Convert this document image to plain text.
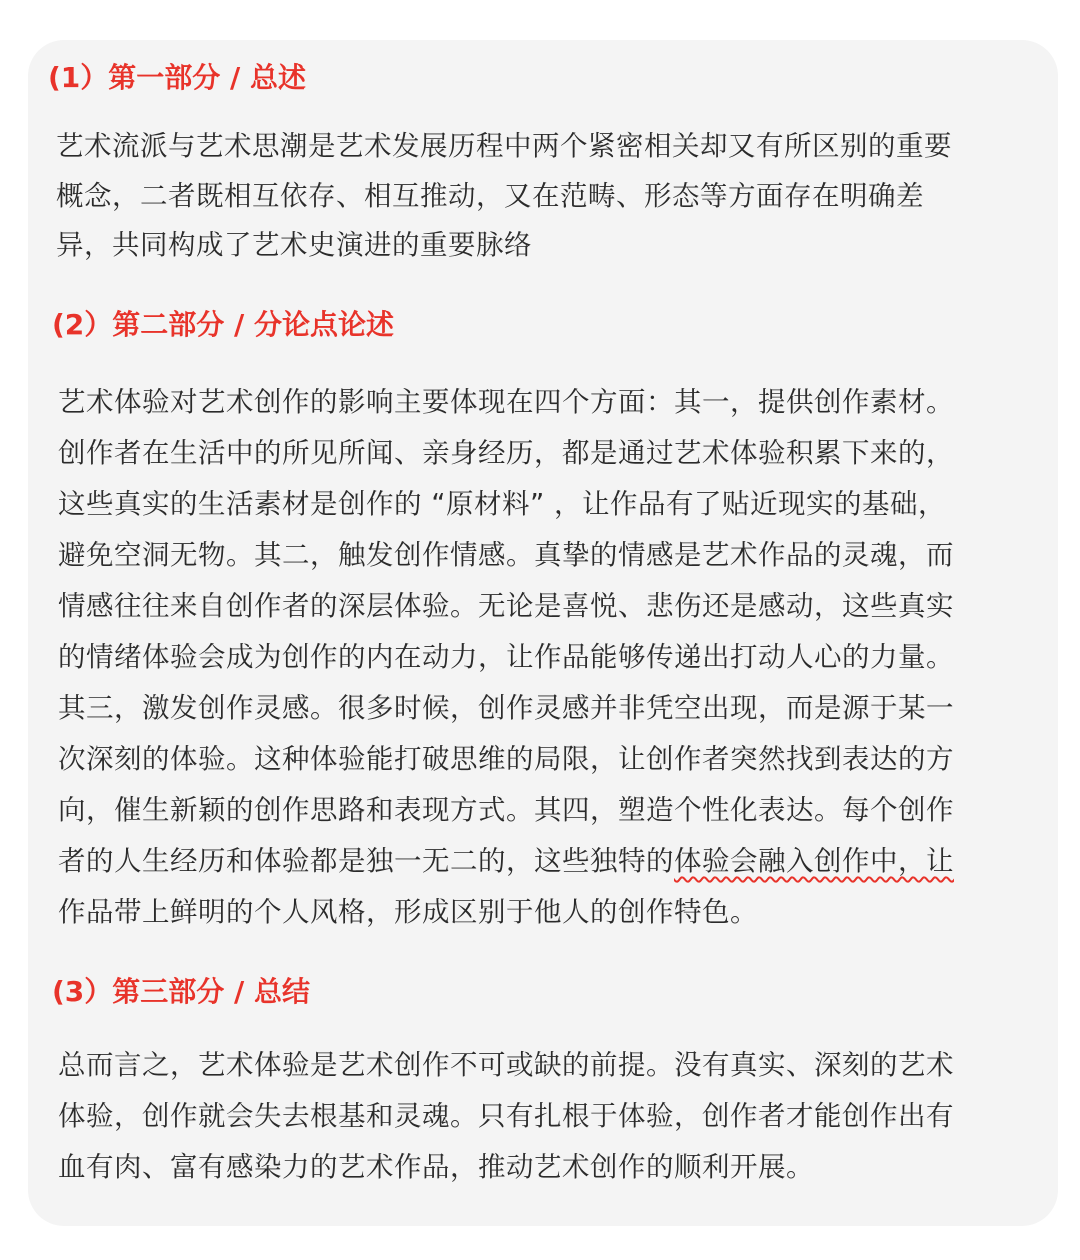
(1）第一部分 / 总述
艺术流派与艺术思潮是艺术发展历程中两个紧密相关却又有所区别的重要
概念，二者既相互依存、相互推动，又在范畴、形态等方面存在明确差
异，共同构成了艺术史演进的重要脉络
(2）第二部分 / 分论点论述
艺术体验对艺术创作的影响主要体现在四个方面：其一，提供创作素材。
创作者在生活中的所见所闻、亲身经历，都是通过艺术体验积累下来的，
这些真实的生活素材是创作的 “原材料” ，让作品有了贴近现实的基础，
避免空洞无物。其二，触发创作情感。真挚的情感是艺术作品的灵魂，而
情感往往来自创作者的深层体验。无论是喜悦、悲伤还是感动，这些真实
的情绪体验会成为创作的内在动力，让作品能够传递出打动人心的力量。
其三，激发创作灵感。很多时候，创作灵感并非凭空出现，而是源于某一
次深刻的体验。这种体验能打破思维的局限，让创作者突然找到表达的方
向，催生新颖的创作思路和表现方式。其四，塑造个性化表达。每个创作
者的人生经历和体验都是独一无二的，这些独特的体验会融入创作中，让
作品带上鲜明的个人风格，形成区别于他人的创作特色。
(3）第三部分 / 总结
总而言之，艺术体验是艺术创作不可或缺的前提。没有真实、深刻的艺术
体验，创作就会失去根基和灵魂。只有扎根于体验，创作者才能创作出有
血有肉、富有感染力的艺术作品，推动艺术创作的顺利开展。
